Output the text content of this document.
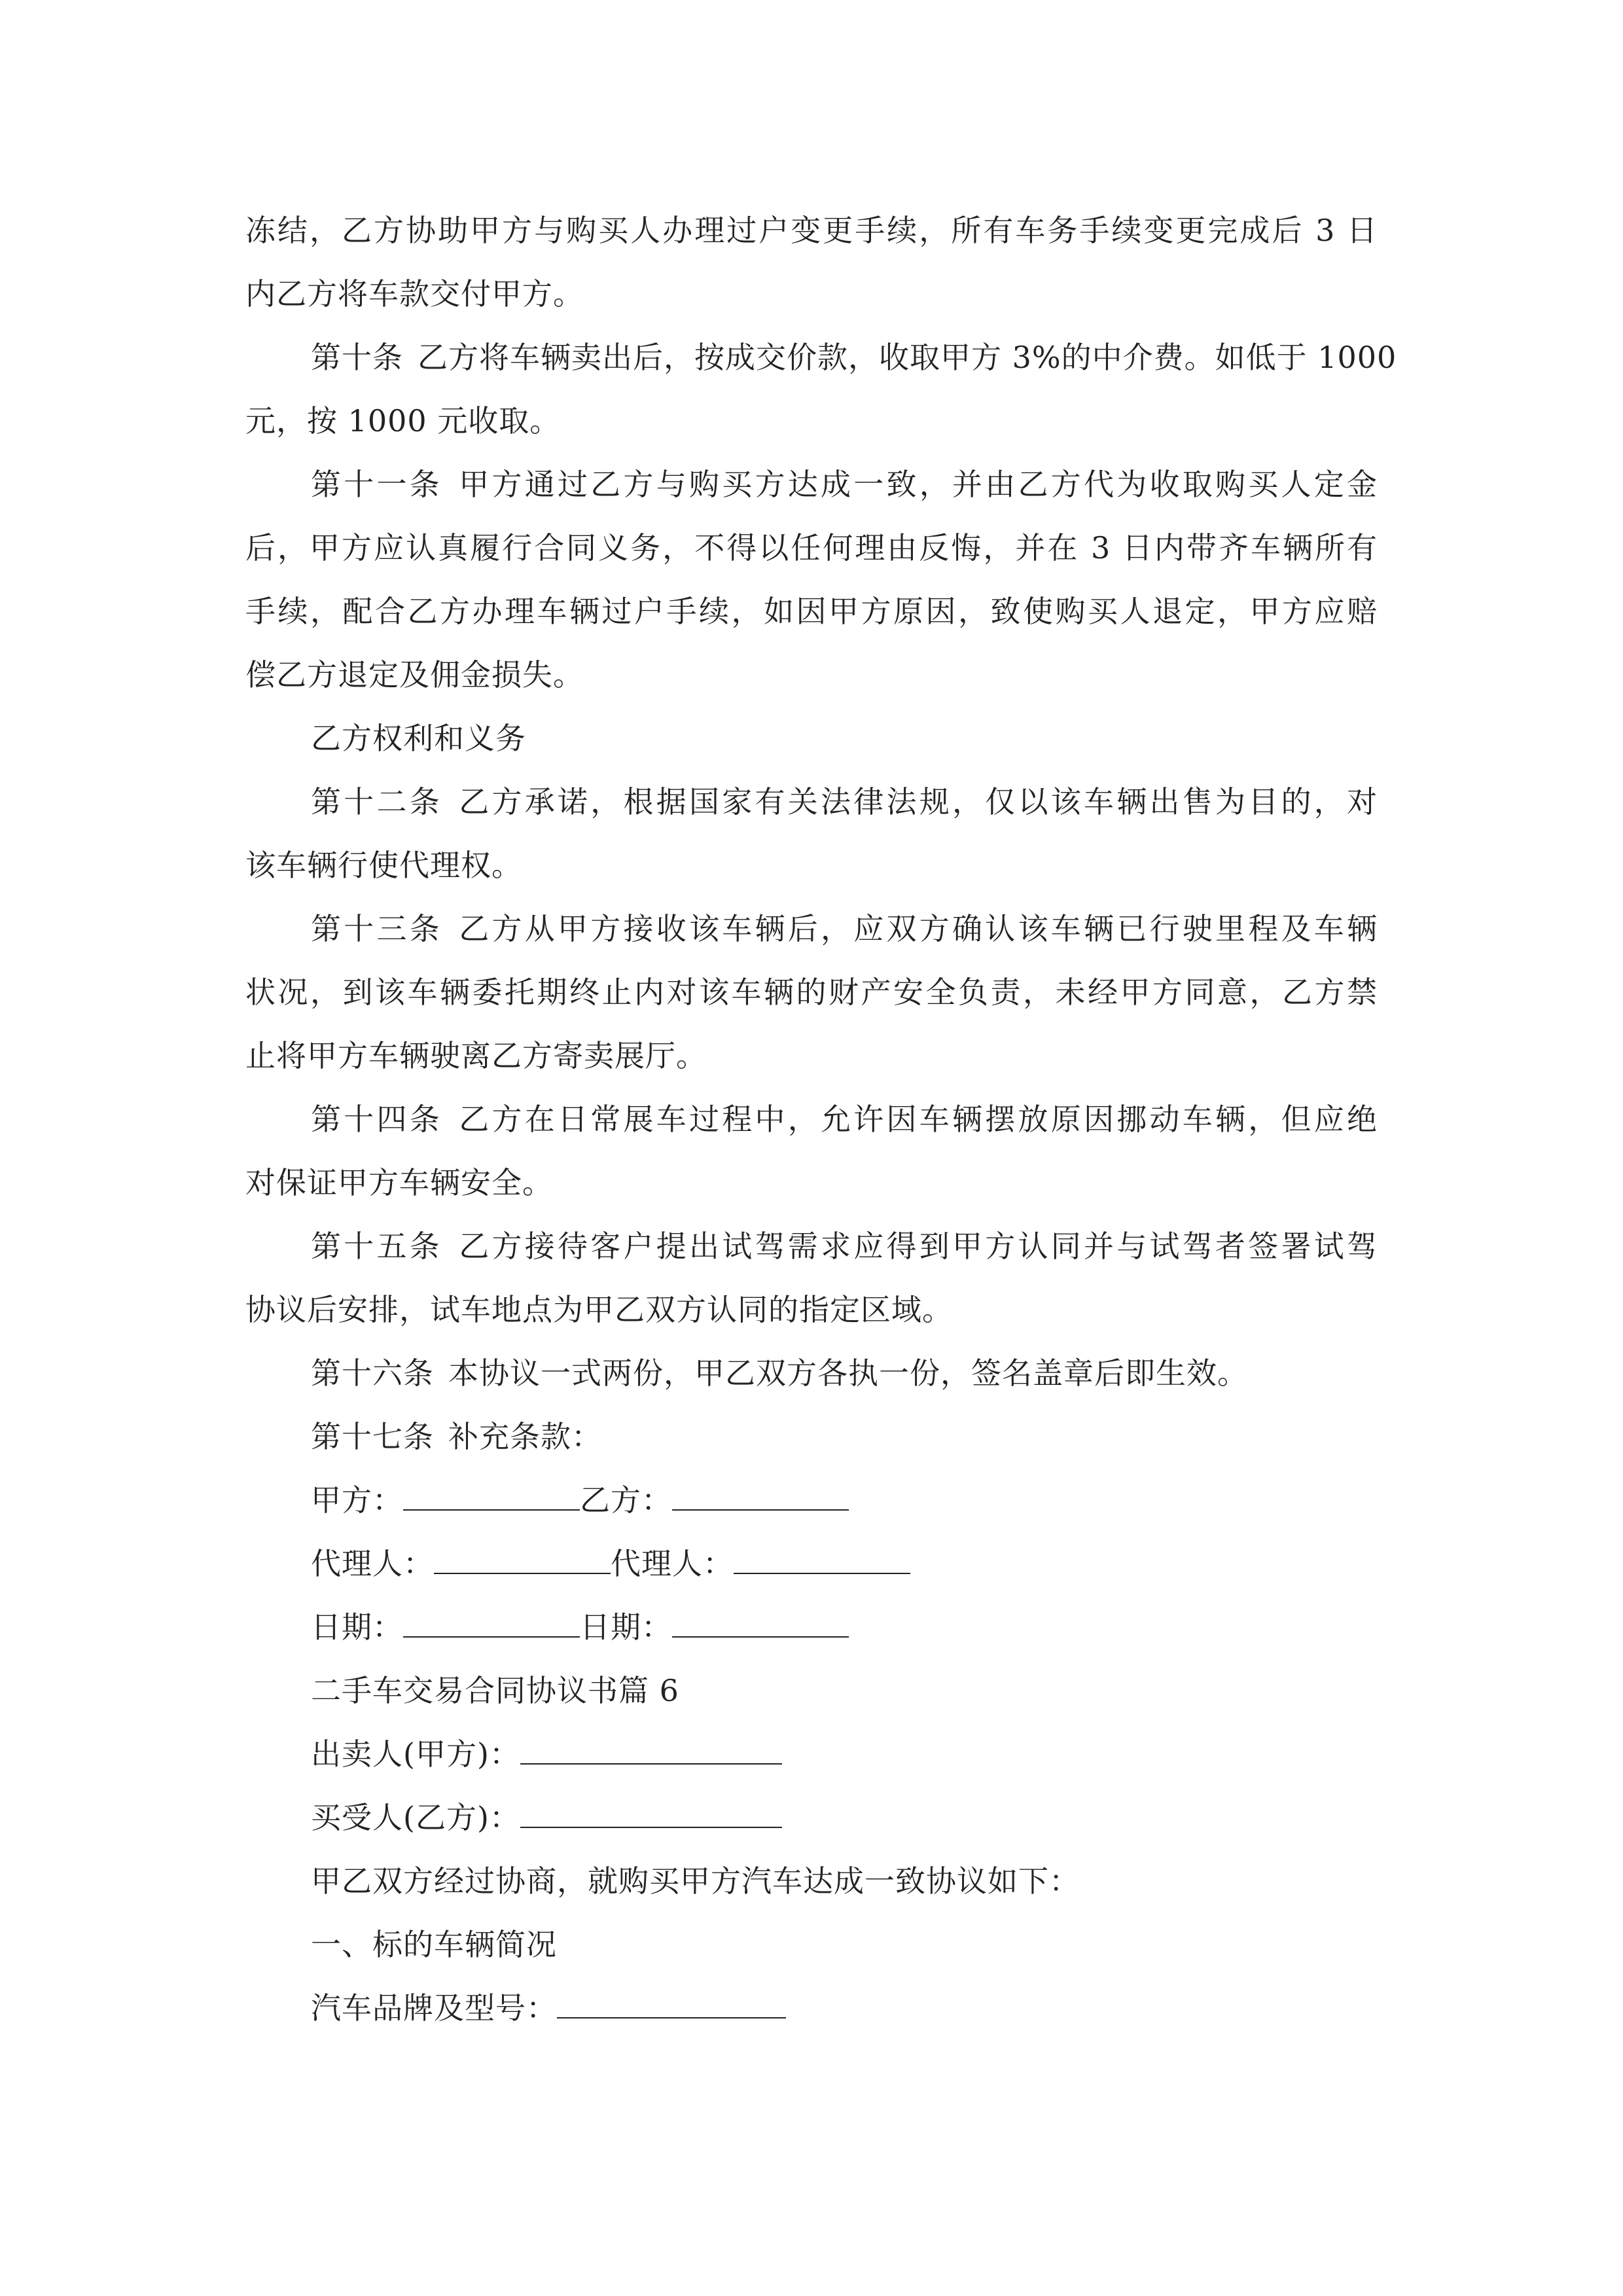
冻结，乙方协助甲方与购买人办理过户变更手续，所有车务手续变更完成后 3 日
内乙方将车款交付甲方。
第十条 乙方将车辆卖出后，按成交价款，收取甲方 3%的中介费。如低于 1000
元，按 1000 元收取。
第十一条 甲方通过乙方与购买方达成一致，并由乙方代为收取购买人定金
后，甲方应认真履行合同义务，不得以任何理由反悔，并在 3 日内带齐车辆所有
手续，配合乙方办理车辆过户手续，如因甲方原因，致使购买人退定，甲方应赔
偿乙方退定及佣金损失。
乙方权利和义务
第十二条 乙方承诺，根据国家有关法律法规，仅以该车辆出售为目的，对
该车辆行使代理权。
第十三条 乙方从甲方接收该车辆后，应双方确认该车辆已行驶里程及车辆
状况，到该车辆委托期终止内对该车辆的财产安全负责，未经甲方同意，乙方禁
止将甲方车辆驶离乙方寄卖展厅。
第十四条 乙方在日常展车过程中，允许因车辆摆放原因挪动车辆，但应绝
对保证甲方车辆安全。
第十五条 乙方接待客户提出试驾需求应得到甲方认同并与试驾者签署试驾
协议后安排，试车地点为甲乙双方认同的指定区域。
第十六条 本协议一式两份，甲乙双方各执一份，签名盖章后即生效。
第十七条 补充条款：
甲方：	乙方：
代理人：	代理人：
日期：	日期：
二手车交易合同协议书篇 6
出卖人(甲方)：
买受人(乙方)：
甲乙双方经过协商，就购买甲方汽车达成一致协议如下：
一、标的车辆简况
汽车品牌及型号：
